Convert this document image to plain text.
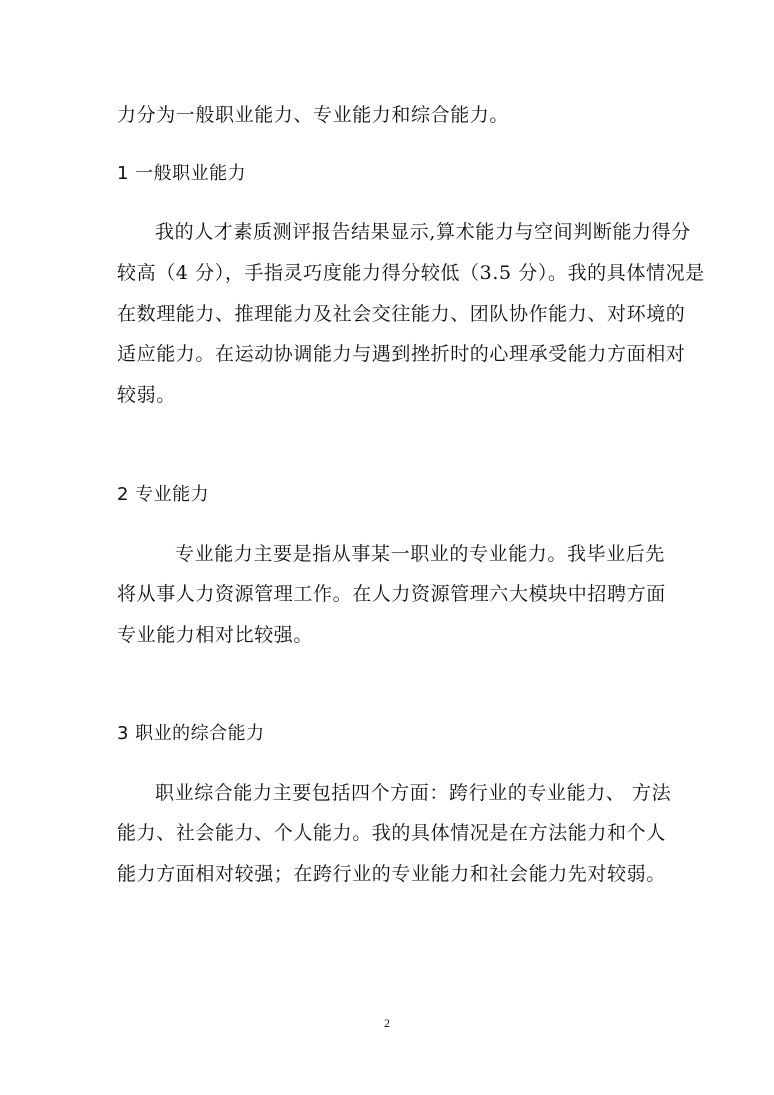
力分为一般职业能力、专业能力和综合能力。
1 一般职业能力
我的人才素质测评报告结果显示,算术能力与空间判断能力得分
较高（4 分），手指灵巧度能力得分较低（3.5 分）。我的具体情况是
在数理能力、推理能力及社会交往能力、团队协作能力、对环境的
适应能力。在运动协调能力与遇到挫折时的心理承受能力方面相对
较弱。
2 专业能力
专业能力主要是指从事某一职业的专业能力。我毕业后先
将从事人力资源管理工作。在人力资源管理六大模块中招聘方面
专业能力相对比较强。
3 职业的综合能力
职业综合能力主要包括四个方面：跨行业的专业能力、 方法
能力、社会能力、个人能力。我的具体情况是在方法能力和个人
能力方面相对较强；在跨行业的专业能力和社会能力先对较弱。
2
